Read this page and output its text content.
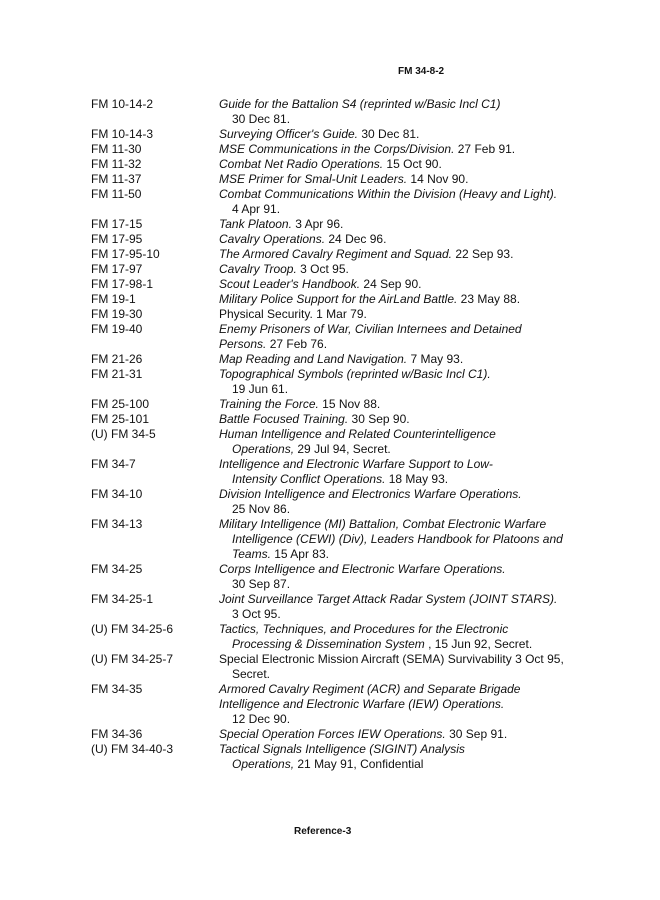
FM 34-8-2
FM 10-14-2	Guide for the Battalion S4 (reprinted w/Basic Incl C1)
30 Dec 81.
FM 10-14-3	Surveying Officer's Guide. 30 Dec 81.
FM 11-30	MSE Communications in the Corps/Division. 27 Feb 91.
FM 11-32	Combat Net Radio Operations. 15 Oct 90.
FM 11-37	MSE Primer for Smal-Unit Leaders. 14 Nov 90.
FM 11-50	Combat Communications Within the Division (Heavy and Light).
4 Apr 91.
FM 17-15	Tank Platoon. 3 Apr 96.
FM 17-95	Cavalry Operations. 24 Dec 96.
FM 17-95-10	The Armored Cavalry Regiment and Squad. 22 Sep 93.
FM 17-97	Cavalry Troop. 3 Oct 95.
FM 17-98-1	Scout Leader's Handbook. 24 Sep 90.
FM 19-1	Military Police Support for the AirLand Battle. 23 May 88.
FM 19-30	Physical Security. 1 Mar 79.
FM 19-40	Enemy Prisoners of War, Civilian Internees and Detained
Persons. 27 Feb 76.
FM 21-26	Map Reading and Land Navigation. 7 May 93.
FM 21-31	Topographical Symbols (reprinted w/Basic Incl C1).
19 Jun 61.
FM 25-100	Training the Force. 15 Nov 88.
FM 25-101	Battle Focused Training. 30 Sep 90.
(U) FM 34-5	Human Intelligence and Related Counterintelligence
Operations, 29 Jul 94, Secret.
FM 34-7	Intelligence and Electronic Warfare Support to Low-
Intensity Conflict Operations. 18 May 93.
FM 34-10	Division Intelligence and Electronics Warfare Operations.
25 Nov 86.
FM 34-13	Military Intelligence (MI) Battalion, Combat Electronic Warfare
Intelligence (CEWI) (Div), Leaders Handbook for Platoons and
Teams. 15 Apr 83.
FM 34-25	Corps Intelligence and Electronic Warfare Operations.
30 Sep 87.
FM 34-25-1	Joint Surveillance Target Attack Radar System (JOINT STARS).
3 Oct 95.
(U) FM 34-25-6	Tactics, Techniques, and Procedures for the Electronic
Processing & Dissemination System , 15 Jun 92, Secret.
(U) FM 34-25-7	Special Electronic Mission Aircraft (SEMA) Survivability 3 Oct 95,
Secret.
FM 34-35	Armored Cavalry Regiment (ACR) and Separate Brigade
Intelligence and Electronic Warfare (IEW) Operations.
12 Dec 90.
FM 34-36	Special Operation Forces IEW Operations. 30 Sep 91.
(U) FM 34-40-3	Tactical Signals Intelligence (SIGINT) Analysis
Operations, 21 May 91, Confidential
Reference-3
